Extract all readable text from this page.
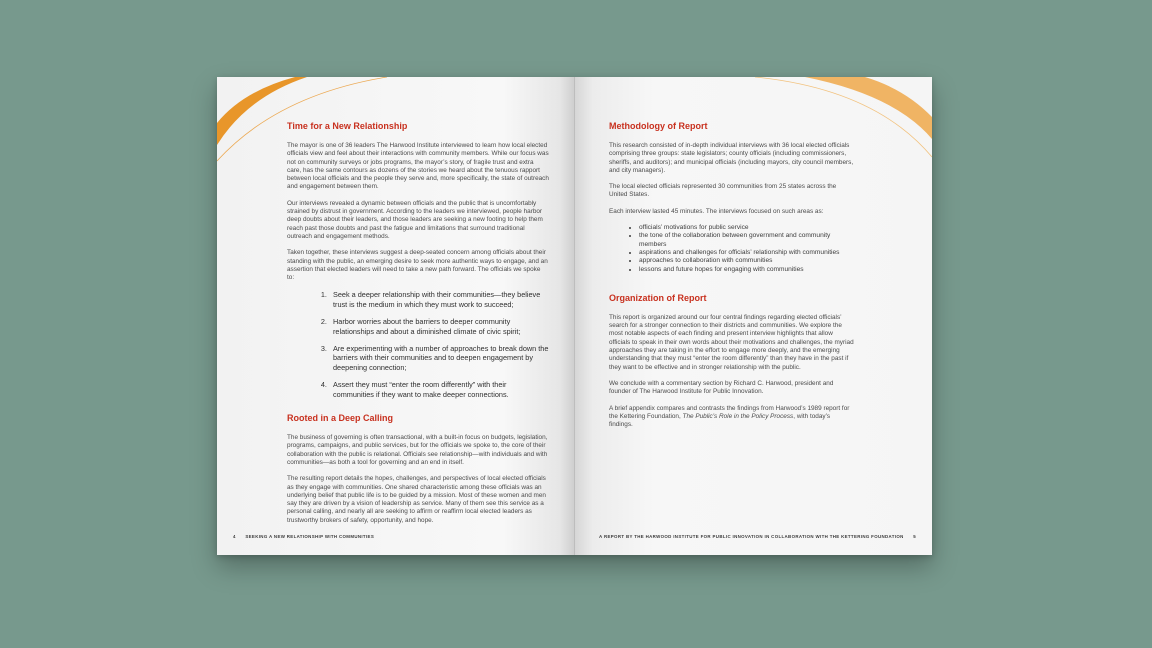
Time for a New Relationship

The mayor is one of 36 leaders The Harwood Institute interviewed to learn how local elected officials view and feel about their interactions with community members. While our focus was not on community surveys or jobs programs, the mayor’s story, of fragile trust and extra care, has the same contours as dozens of the stories we heard about the tenuous rapport between local officials and the people they serve and, more specifically, the state of outreach and engagement between them.

Our interviews revealed a dynamic between officials and the public that is uncomfortably strained by distrust in government. According to the leaders we interviewed, people harbor deep doubts about their leaders, and those leaders are seeking a new footing to help them reach past those doubts and past the fatigue and limitations that surround traditional outreach and engagement methods.

Taken together, these interviews suggest a deep-seated concern among officials about their standing with the public, an emerging desire to seek more authentic ways to engage, and an assertion that elected leaders will need to take a new path forward. The officials we spoke to:

1. Seek a deeper relationship with their communities—they believe trust is the medium in which they must work to succeed;
2. Harbor worries about the barriers to deeper community relationships and about a diminished climate of civic spirit;
3. Are experimenting with a number of approaches to break down the barriers with their communities and to deepen engagement by deepening connection;
4. Assert they must “enter the room differently” with their communities if they want to make deeper connections.
Rooted in a Deep Calling

The business of governing is often transactional, with a built-in focus on budgets, legislation, programs, campaigns, and public services, but for the officials we spoke to, the core of their collaboration with the public is relational. Officials see relationship—with individuals and with communities—as both a tool for governing and an end in itself.

The resulting report details the hopes, challenges, and perspectives of local elected officials as they engage with communities. One shared characteristic among these officials was an underlying belief that public life is to be guided by a mission. Most of these women and men say they are driven by a vision of leadership as service. Many of them see this service as a personal calling, and nearly all are seeking to affirm or reaffirm local elected leaders as trustworthy brokers of safety, opportunity, and hope.

4 SEEKING A NEW RELATIONSHIP WITH COMMUNITIES
Methodology of Report

This research consisted of in-depth individual interviews with 36 local elected officials comprising three groups: state legislators; county officials (including commissioners, sheriffs, and auditors); and municipal officials (including mayors, city council members, and city managers).

The local elected officials represented 30 communities from 25 states across the United States.

Each interview lasted 45 minutes. The interviews focused on such areas as:

• officials’ motivations for public service
• the tone of the collaboration between government and community members
• aspirations and challenges for officials’ relationship with communities
• approaches to collaboration with communities
• lessons and future hopes for engaging with communities
Organization of Report

This report is organized around our four central findings regarding elected officials’ search for a stronger connection to their districts and communities. We explore the most notable aspects of each finding and present interview highlights that allow officials to speak in their own words about their motivations and challenges, the myriad approaches they are taking in the effort to engage more deeply, and the emerging understanding that they must “enter the room differently” than they have in the past if they want to be effective and in stronger relationship with the public.

We conclude with a commentary section by Richard C. Harwood, president and founder of The Harwood Institute for Public Innovation.

A brief appendix compares and contrasts the findings from Harwood’s 1989 report for the Kettering Foundation, The Public’s Role in the Policy Process, with today’s findings.

A REPORT BY THE HARWOOD INSTITUTE FOR PUBLIC INNOVATION IN COLLABORATION WITH THE KETTERING FOUNDATION 5
